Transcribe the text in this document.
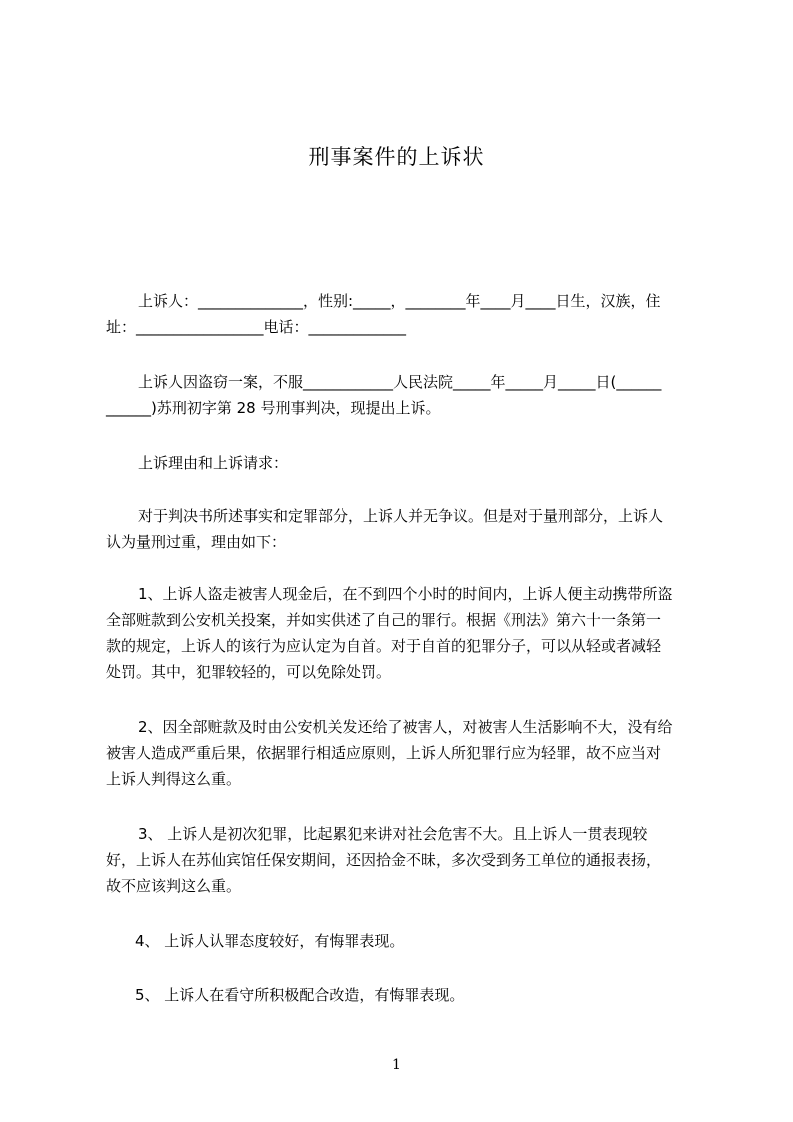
刑事案件的上诉状
上诉人：______________，性别:_____，________年____月____日生，汉族，住
址：_________________电话：_____________
上诉人因盗窃一案，不服____________人民法院_____年_____月_____日(______
______)苏刑初字第 28 号刑事判决，现提出上诉。
上诉理由和上诉请求：
对于判决书所述事实和定罪部分，上诉人并无争议。但是对于量刑部分，上诉人
认为量刑过重，理由如下：
1、上诉人盗走被害人现金后，在不到四个小时的时间内，上诉人便主动携带所盗
全部赃款到公安机关投案，并如实供述了自己的罪行。根据《刑法》第六十一条第一
款的规定，上诉人的该行为应认定为自首。对于自首的犯罪分子，可以从轻或者减轻
处罚。其中，犯罪较轻的，可以免除处罚。
2、因全部赃款及时由公安机关发还给了被害人，对被害人生活影响不大，没有给
被害人造成严重后果，依据罪行相适应原则，上诉人所犯罪行应为轻罪，故不应当对
上诉人判得这么重。
3、 上诉人是初次犯罪，比起累犯来讲对社会危害不大。且上诉人一贯表现较
好，上诉人在苏仙宾馆任保安期间，还因拾金不昧，多次受到务工单位的通报表扬，
故不应该判这么重。
4、 上诉人认罪态度较好，有悔罪表现。
5、 上诉人在看守所积极配合改造，有悔罪表现。
1
